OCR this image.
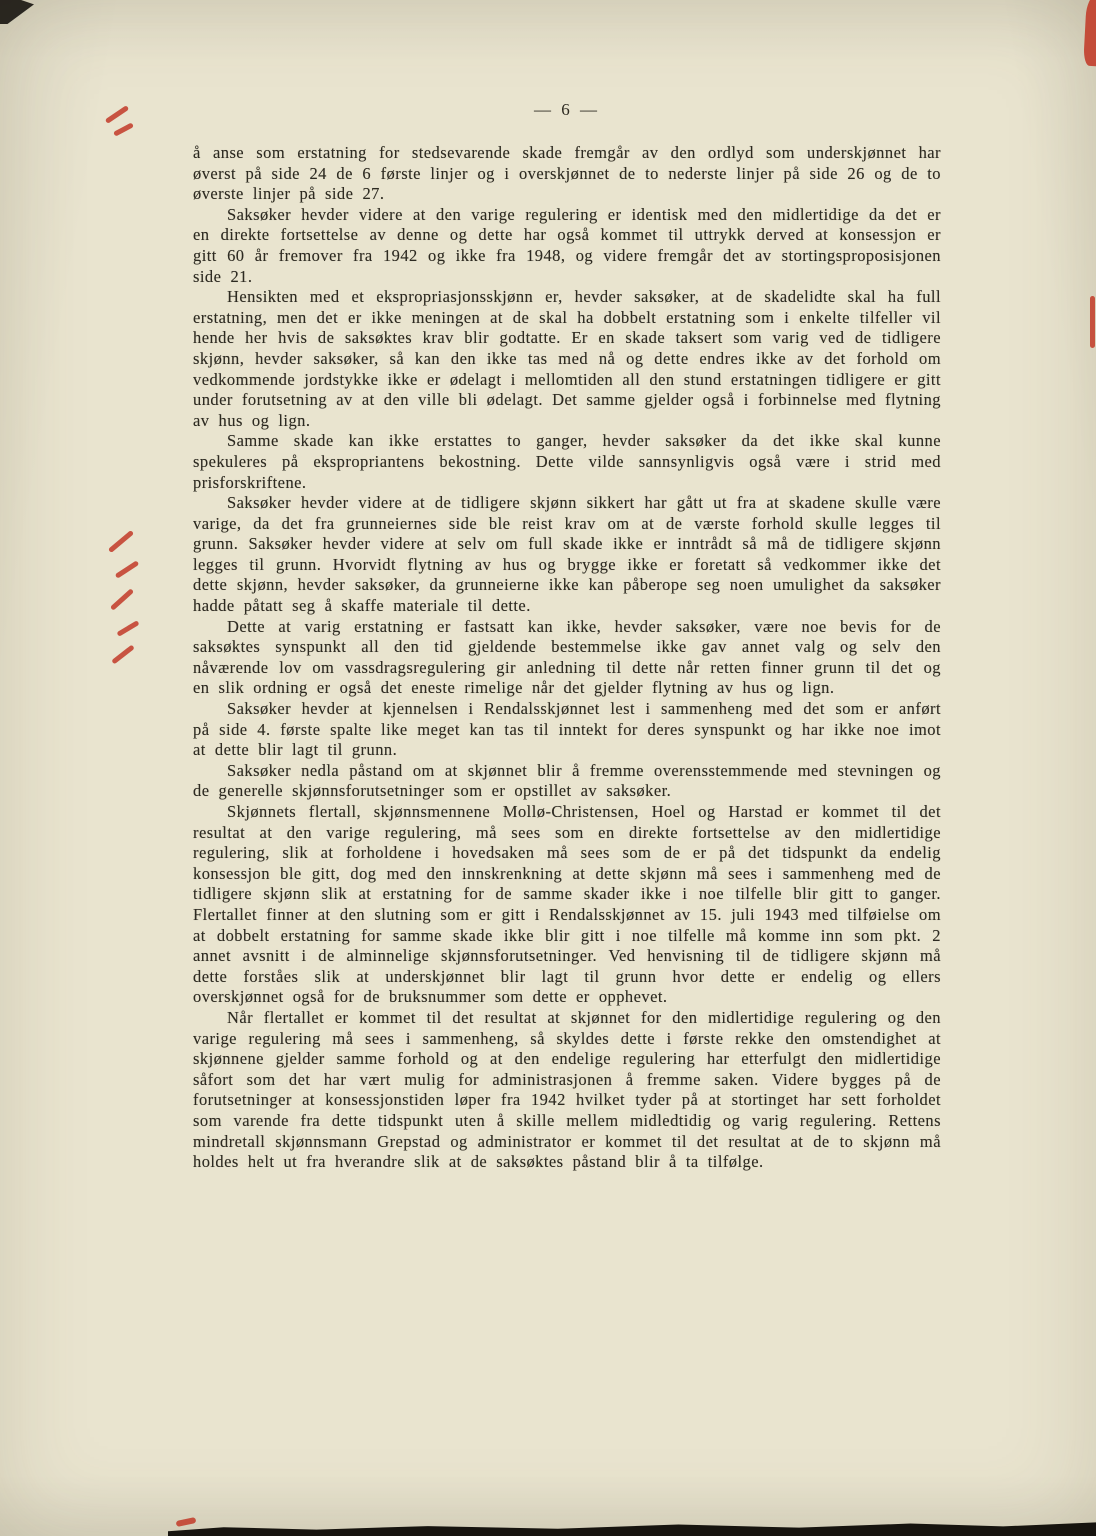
— 6 —

å anse som erstatning for stedsevarende skade fremgår av den ordlyd som underskjønnet har øverst på side 24 de 6 første linjer og i overskjønnet de to nederste linjer på side 26 og de to øverste linjer på side 27.

Saksøker hevder videre at den varige regulering er identisk med den midlertidige da det er en direkte fortsettelse av denne og dette har også kommet til uttrykk derved at konsessjon er gitt 60 år fremover fra 1942 og ikke fra 1948, og videre fremgår det av stortingsproposisjonen side 21.

Hensikten med et ekspropriasjonsskjønn er, hevder saksøker, at de skadelidte skal ha full erstatning, men det er ikke meningen at de skal ha dobbelt erstatning som i enkelte tilfeller vil hende her hvis de saksøktes krav blir godtatte. Er en skade taksert som varig ved de tidligere skjønn, hevder saksøker, så kan den ikke tas med nå og dette endres ikke av det forhold om vedkommende jordstykke ikke er ødelagt i mellomtiden all den stund erstatningen tidligere er gitt under forutsetning av at den ville bli ødelagt. Det samme gjelder også i forbinnelse med flytning av hus og lign.

Samme skade kan ikke erstattes to ganger, hevder saksøker da det ikke skal kunne spekuleres på ekspropriantens bekostning. Dette vilde sannsynligvis også være i strid med prisforskriftene.

Saksøker hevder videre at de tidligere skjønn sikkert har gått ut fra at skadene skulle være varige, da det fra grunneiernes side ble reist krav om at de værste forhold skulle legges til grunn. Saksøker hevder videre at selv om full skade ikke er inntrådt så må de tidligere skjønn legges til grunn. Hvorvidt flytning av hus og brygge ikke er foretatt så vedkommer ikke det dette skjønn, hevder saksøker, da grunneierne ikke kan påberope seg noen umulighet da saksøker hadde påtatt seg å skaffe materiale til dette.

Dette at varig erstatning er fastsatt kan ikke, hevder saksøker, være noe bevis for de saksøktes synspunkt all den tid gjeldende bestemmelse ikke gav annet valg og selv den nåværende lov om vassdragsregulering gir anledning til dette når retten finner grunn til det og en slik ordning er også det eneste rimelige når det gjelder flytning av hus og lign.

Saksøker hevder at kjennelsen i Rendalsskjønnet lest i sammenheng med det som er anført på side 4. første spalte like meget kan tas til inntekt for deres synspunkt og har ikke noe imot at dette blir lagt til grunn.

Saksøker nedla påstand om at skjønnet blir å fremme overensstemmende med stevningen og de generelle skjønnsforutsetninger som er opstillet av saksøker.

Skjønnets flertall, skjønnsmennene Mollø-Christensen, Hoel og Harstad er kommet til det resultat at den varige regulering, må sees som en direkte fortsettelse av den midlertidige regulering, slik at forholdene i hovedsaken må sees som de er på det tidspunkt da endelig konsessjon ble gitt, dog med den innskrenkning at dette skjønn må sees i sammenheng med de tidligere skjønn slik at erstatning for de samme skader ikke i noe tilfelle blir gitt to ganger. Flertallet finner at den slutning som er gitt i Rendalsskjønnet av 15. juli 1943 med tilføielse om at dobbelt erstatning for samme skade ikke blir gitt i noe tilfelle må komme inn som pkt. 2 annet avsnitt i de alminnelige skjønnsforutsetninger. Ved henvisning til de tidligere skjønn må dette forståes slik at underskjønnet blir lagt til grunn hvor dette er endelig og ellers overskjønnet også for de bruksnummer som dette er opphevet.

Når flertallet er kommet til det resultat at skjønnet for den midlertidige regulering og den varige regulering må sees i sammenheng, så skyldes dette i første rekke den omstendighet at skjønnene gjelder samme forhold og at den endelige regulering har etterfulgt den midlertidige såfort som det har vært mulig for administrasjonen å fremme saken. Videre bygges på de forutsetninger at konsessjonstiden løper fra 1942 hvilket tyder på at stortinget har sett forholdet som varende fra dette tidspunkt uten å skille mellem midledtidig og varig regulering. Rettens mindretall skjønnsmann Grepstad og administrator er kommet til det resultat at de to skjønn må holdes helt ut fra hverandre slik at de saksøktes påstand blir å ta tilfølge.
